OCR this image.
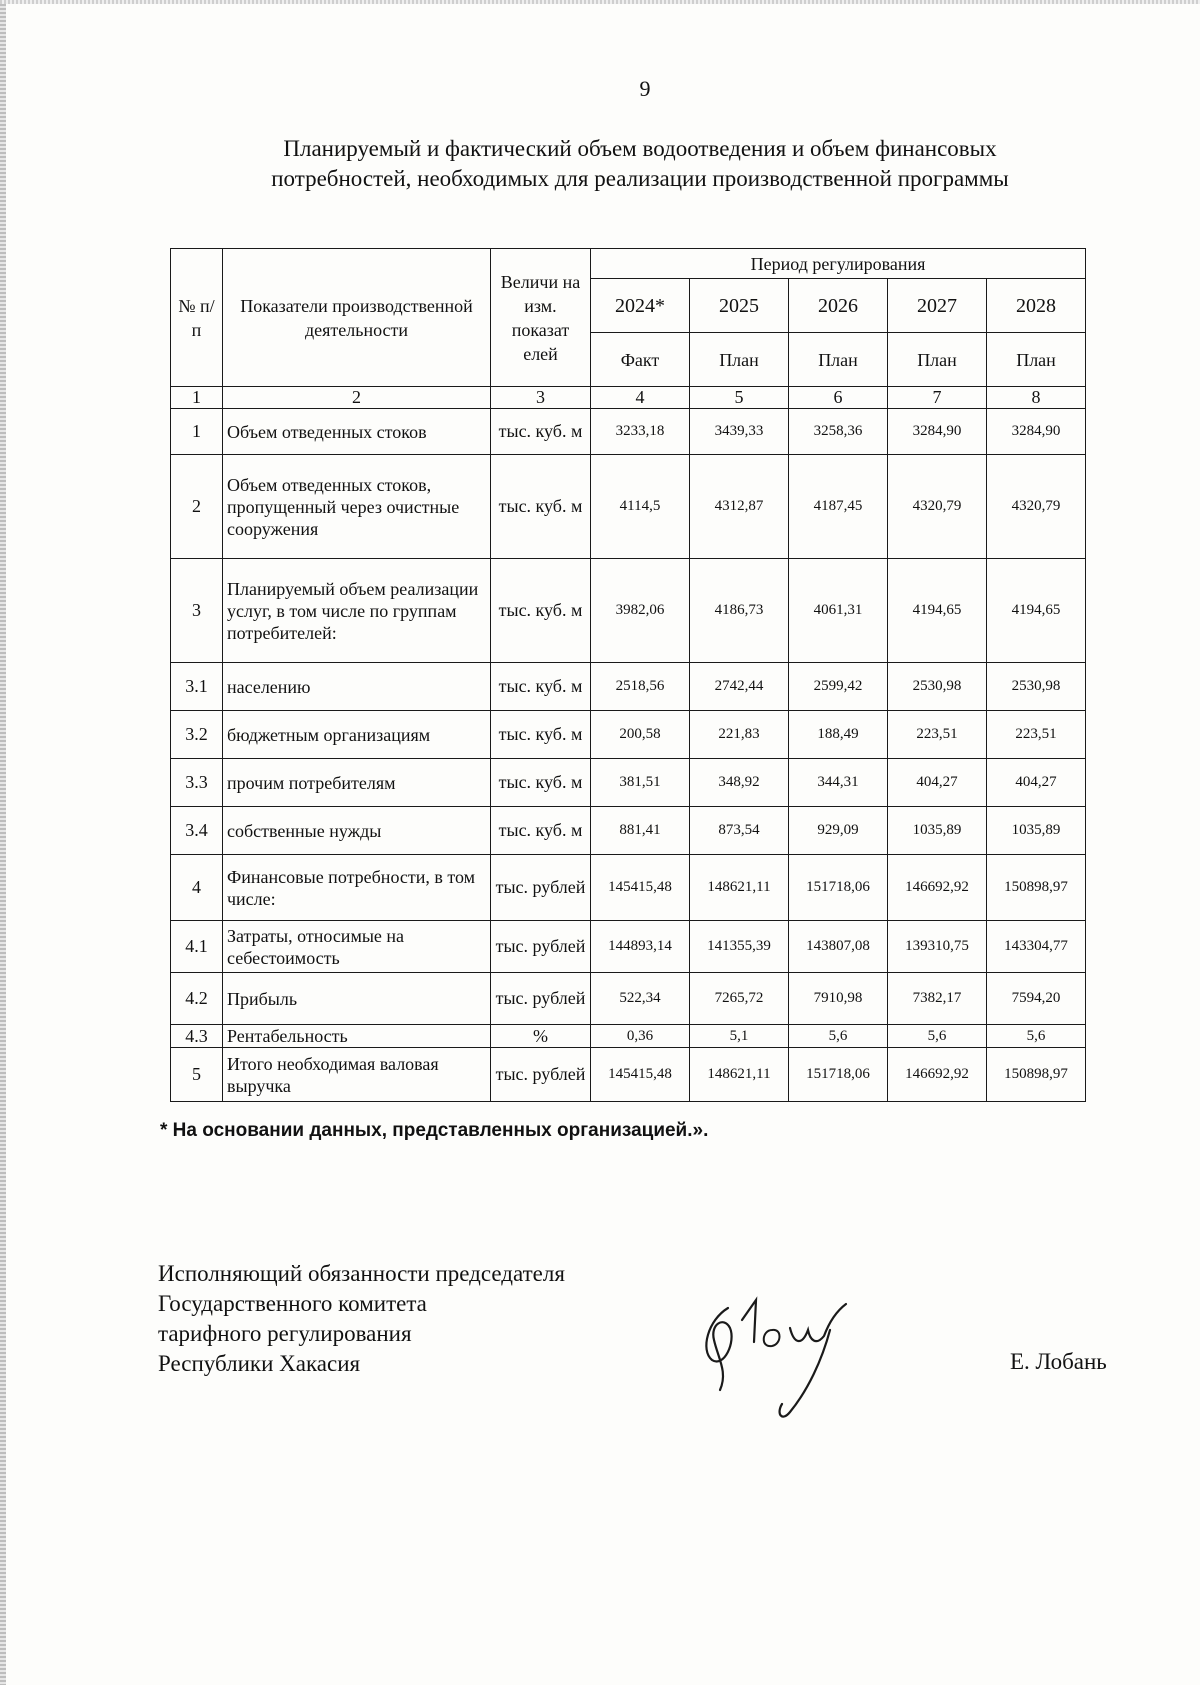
9
Планируемый и фактический объем водоотведения и объем финансовых
потребностей, необходимых для реализации производственной программы
№ п/п	Показатели производственной деятельности	Величи на изм. показат елей	Период регулирования				
			2024*	2025	2026	2027	2028
			Факт	План	План	План	План
1	2	3	4	5	6	7	8
1	Объем отведенных стоков	тыс. куб. м	3233,18	3439,33	3258,36	3284,90	3284,90
2	Объем отведенных стоков, пропущенный через очистные сооружения	тыс. куб. м	4114,5	4312,87	4187,45	4320,79	4320,79
3	Планируемый объем реализации услуг, в том числе по группам потребителей:	тыс. куб. м	3982,06	4186,73	4061,31	4194,65	4194,65
3.1	населению	тыс. куб. м	2518,56	2742,44	2599,42	2530,98	2530,98
3.2	бюджетным организациям	тыс. куб. м	200,58	221,83	188,49	223,51	223,51
3.3	прочим потребителям	тыс. куб. м	381,51	348,92	344,31	404,27	404,27
3.4	собственные нужды	тыс. куб. м	881,41	873,54	929,09	1035,89	1035,89
4	Финансовые потребности, в том числе:	тыс. рублей	145415,48	148621,11	151718,06	146692,92	150898,97
4.1	Затраты, относимые на себестоимость	тыс. рублей	144893,14	141355,39	143807,08	139310,75	143304,77
4.2	Прибыль	тыс. рублей	522,34	7265,72	7910,98	7382,17	7594,20
4.3	Рентабельность	%	0,36	5,1	5,6	5,6	5,6
5	Итого необходимая валовая выручка	тыс. рублей	145415,48	148621,11	151718,06	146692,92	150898,97
* На основании данных, представленных организацией.».
Исполняющий обязанности председателя
Государственного комитета
тарифного регулирования
Республики Хакасия	Е. Лобань
